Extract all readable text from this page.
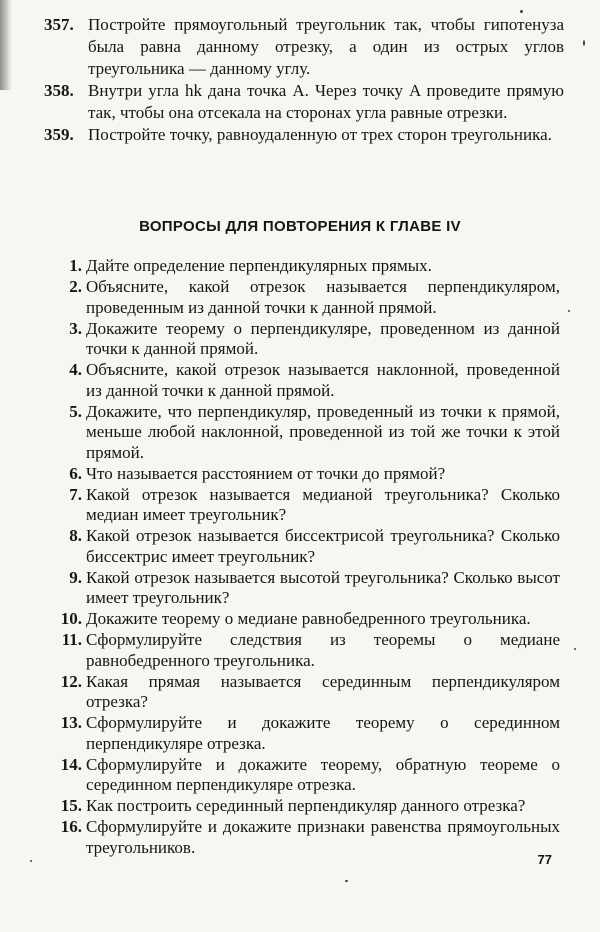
357. Постройте прямоугольный треугольник так, чтобы гипотенуза была равна данному отрезку, а один из острых углов треугольника — данному углу.
358. Внутри угла hk дана точка A. Через точку A проведите прямую так, чтобы она отсекала на сторонах угла равные отрезки.
359. Постройте точку, равноудаленную от трех сторон треугольника.
ВОПРОСЫ ДЛЯ ПОВТОРЕНИЯ К ГЛАВЕ IV
1. Дайте определение перпендикулярных прямых.
2. Объясните, какой отрезок называется перпендикуляром, проведенным из данной точки к данной прямой.
3. Докажите теорему о перпендикуляре, проведенном из данной точки к данной прямой.
4. Объясните, какой отрезок называется наклонной, проведенной из данной точки к данной прямой.
5. Докажите, что перпендикуляр, проведенный из точки к прямой, меньше любой наклонной, проведенной из той же точки к этой прямой.
6. Что называется расстоянием от точки до прямой?
7. Какой отрезок называется медианой треугольника? Сколько медиан имеет треугольник?
8. Какой отрезок называется биссектрисой треугольника? Сколько биссектрис имеет треугольник?
9. Какой отрезок называется высотой треугольника? Сколько высот имеет треугольник?
10. Докажите теорему о медиане равнобедренного треугольника.
11. Сформулируйте следствия из теоремы о медиане равнобедренного треугольника.
12. Какая прямая называется серединным перпендикуляром отрезка?
13. Сформулируйте и докажите теорему о серединном перпендикуляре отрезка.
14. Сформулируйте и докажите теорему, обратную теореме о серединном перпендикуляре отрезка.
15. Как построить серединный перпендикуляр данного отрезка?
16. Сформулируйте и докажите признаки равенства прямоугольных треугольников.
77
